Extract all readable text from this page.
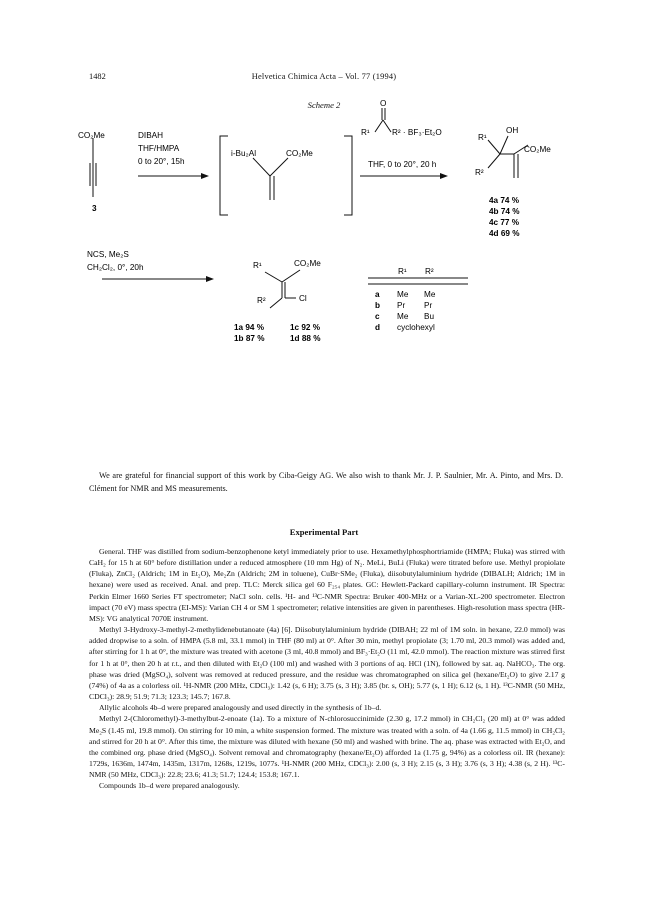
1482	Helvetica Chimica Acta – Vol. 77 (1994)
Scheme 2
CO₂Me
3
DIBAH
THF/HMPA
0 to 20°, 15h
i-Bu₂Al	CO₂Me
O
R¹	R² · BF₃·Et₂O
THF, 0 to 20°, 20 h
R¹
OH
R²
CO₂Me
4a 74 %
4b 74 %
4c 77 %
4d 69 %
NCS, Me₂S
CH₂Cl₂, 0°, 20h	R¹	CO₂Me
R²	Cl
1a 94 %	1c 92 %
1b 87 %	1d 88 %
R¹ R²
a Me Me
b Pr Pr
c Me Bu
d cyclohexyl
We are grateful for financial support of this work by Ciba-Geigy AG. We also wish to thank Mr. J. P. Saulnier, Mr. A. Pinto, and Mrs. D. Clément for NMR and MS measurements.
Experimental Part

General. THF was distilled from sodium-benzophenone ketyl immediately prior to use. Hexamethylphosphortriamide (HMPA; Fluka) was stirred with CaH₂ for 15 h at 60° before distillation under a reduced atmosphere (10 mm Hg) of N₂. MeLi, BuLi (Fluka) were titrated before use. Methyl propiolate (Fluka), ZnCl₂ (Aldrich; 1M in Et₂O), Me₂Zn (Aldrich; 2M in toluene), CuBr·SMe₂ (Fluka), diisobutylaluminium hydride (DIBALH; Aldrich; 1M in hexane) were used as received. Anal. and prep. TLC: Merck silica gel 60 F₂₅₄ plates. GC: Hewlett-Packard capillary-column instrument. IR Spectra: Perkin Elmer 1660 Series FT spectrometer; NaCl soln. cells. ¹H- and ¹³C-NMR Spectra: Bruker 400-MHz or a Varian-XL-200 spectrometer. Electron impact (70 eV) mass spectra (EI-MS): Varian CH 4 or SM 1 spectrometer; relative intensities are given in parentheses. High-resolution mass spectra (HR-MS): VG analytical 7070E instrument.

Methyl 3-Hydroxy-3-methyl-2-methylidenebutanoate (4a) [6]. Diisobutylaluminium hydride (DIBAH; 22 ml of 1M soln. in hexane, 22.0 mmol) was added dropwise to a soln. of HMPA (5.8 ml, 33.1 mmol) in THF (80 ml) at 0°. After 30 min, methyl propiolate (3; 1.70 ml, 20.3 mmol) was added and, after stirring for 1 h at 0°, the mixture was treated with acetone (3 ml, 40.8 mmol) and BF₃·Et₂O (11 ml, 42.0 mmol). The reaction mixture was stirred first for 1 h at 0°, then 20 h at r.t., and then diluted with Et₂O (100 ml) and washed with 3 portions of aq. HCl (1N), followed by sat. aq. NaHCO₃. The org. phase was dried (MgSO₄), solvent was removed at reduced pressure, and the residue was chromatographed on silica gel (hexane/Et₂O) to give 2.17 g (74%) of 4a as a colorless oil. ¹H-NMR (200 MHz, CDCl₃): 1.42 (s, 6 H); 3.75 (s, 3 H); 3.85 (br. s, OH); 5.77 (s, 1 H); 6.12 (s, 1 H). ¹³C-NMR (50 MHz, CDCl₃): 28.9; 51.9; 71.3; 123.3; 145.7; 167.8.

Allylic alcohols 4b–d were prepared analogously and used directly in the synthesis of 1b–d.

Methyl 2-(Chloromethyl)-3-methylbut-2-enoate (1a). To a mixture of N-chlorosuccinimide (2.30 g, 17.2 mmol) in CH₂Cl₂ (20 ml) at 0° was added Me₂S (1.45 ml, 19.8 mmol). On stirring for 10 min, a white suspension formed. The mixture was treated with a soln. of 4a (1.66 g, 11.5 mmol) in CH₂Cl₂ and stirred for 20 h at 0°. After this time, the mixture was diluted with hexane (50 ml) and washed with brine. The aq. phase was extracted with Et₂O, and the combined org. phase dried (MgSO₄). Solvent removal and chromatography (hexane/Et₂O) afforded 1a (1.75 g, 94%) as a colorless oil. IR (hexane): 1729s, 1636m, 1474m, 1435m, 1317m, 1268s, 1219s, 1077s. ¹H-NMR (200 MHz, CDCl₃): 2.00 (s, 3 H); 2.15 (s, 3 H); 3.76 (s, 3 H); 4.38 (s, 2 H). ¹³C-NMR (50 MHz, CDCl₃): 22.8; 23.6; 41.3; 51.7; 124.4; 153.8; 167.1.

Compounds 1b–d were prepared analogously.
